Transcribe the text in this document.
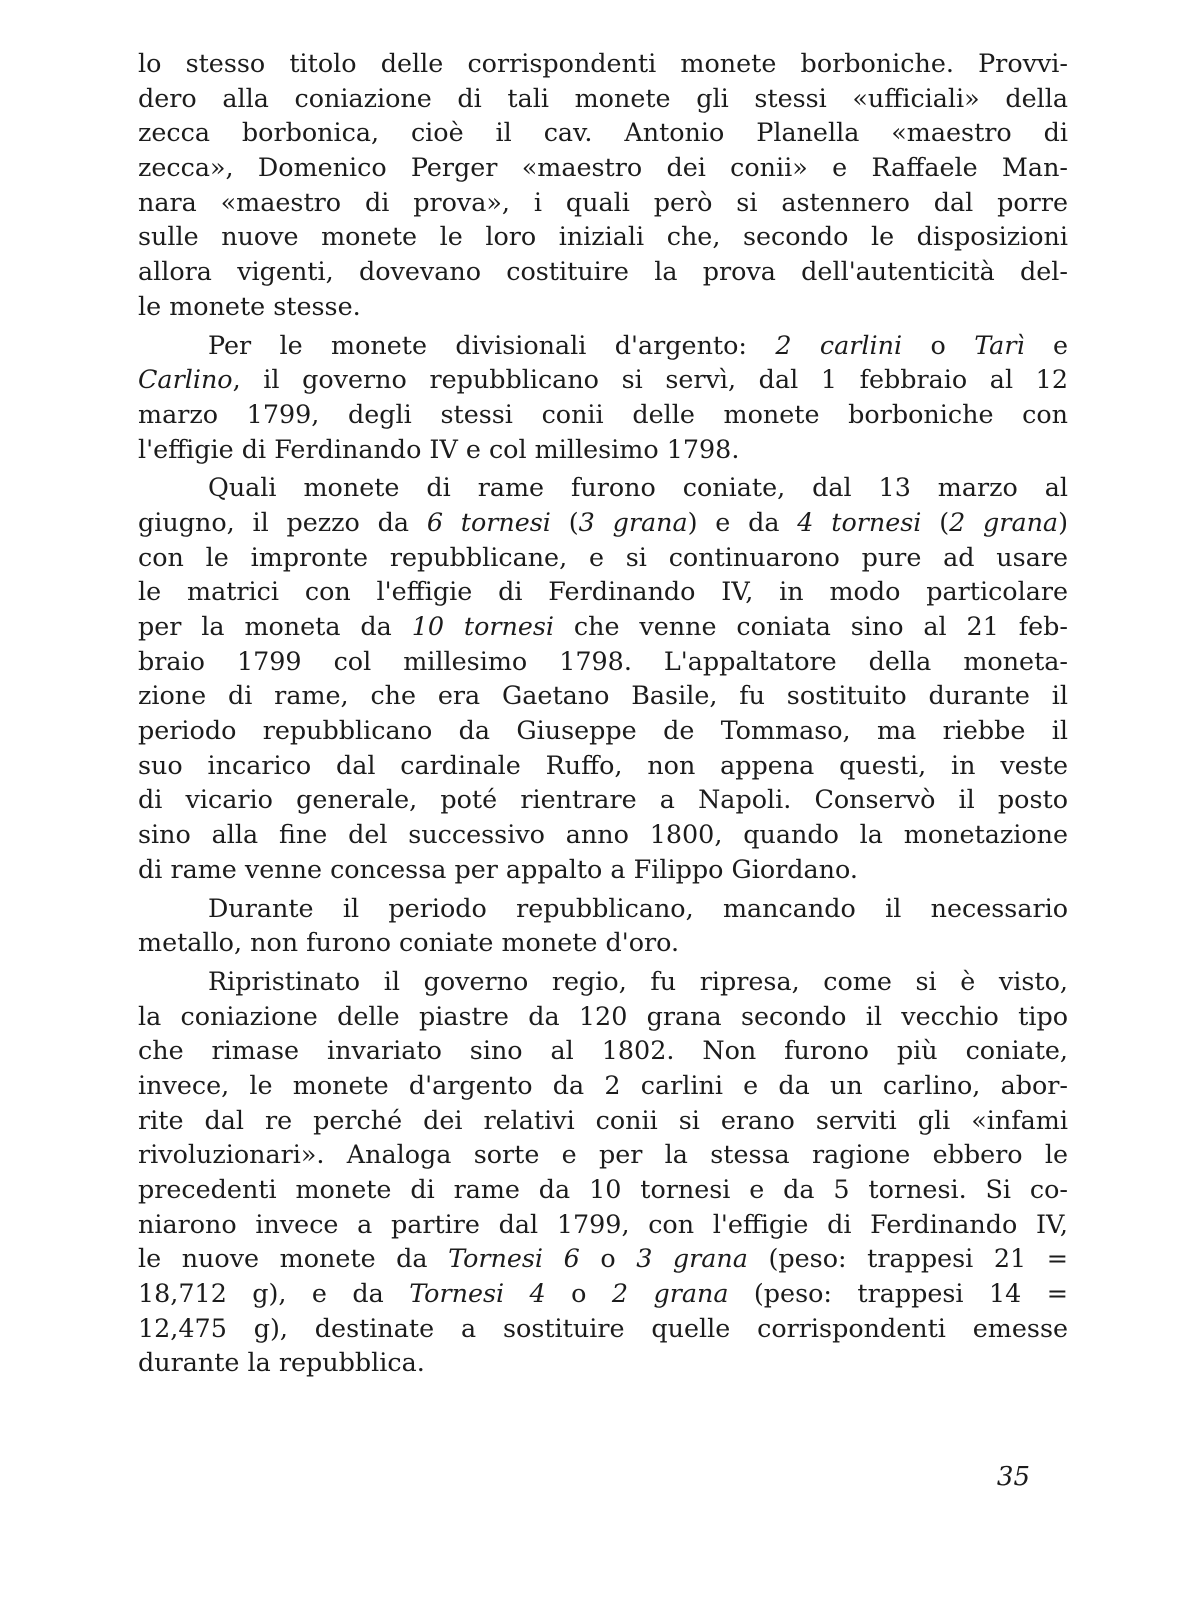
lo stesso titolo delle corrispondenti monete borboniche. Provvi-
dero alla coniazione di tali monete gli stessi «ufficiali» della
zecca borbonica, cioè il cav. Antonio Planella «maestro di
zecca», Domenico Perger «maestro dei conii» e Raffaele Man-
nara «maestro di prova», i quali però si astennero dal porre
sulle nuove monete le loro iniziali che, secondo le disposizioni
allora vigenti, dovevano costituire la prova dell'autenticità del-
le monete stesse.
Per le monete divisionali d'argento: 2 carlini o Tarì e
Carlino, il governo repubblicano si servì, dal 1 febbraio al 12
marzo 1799, degli stessi conii delle monete borboniche con
l'effigie di Ferdinando IV e col millesimo 1798.
Quali monete di rame furono coniate, dal 13 marzo al
giugno, il pezzo da 6 tornesi (3 grana) e da 4 tornesi (2 grana)
con le impronte repubblicane, e si continuarono pure ad usare
le matrici con l'effigie di Ferdinando IV, in modo particolare
per la moneta da 10 tornesi che venne coniata sino al 21 feb-
braio 1799 col millesimo 1798. L'appaltatore della moneta-
zione di rame, che era Gaetano Basile, fu sostituito durante il
periodo repubblicano da Giuseppe de Tommaso, ma riebbe il
suo incarico dal cardinale Ruffo, non appena questi, in veste
di vicario generale, poté rientrare a Napoli. Conservò il posto
sino alla fine del successivo anno 1800, quando la monetazione
di rame venne concessa per appalto a Filippo Giordano.
Durante il periodo repubblicano, mancando il necessario
metallo, non furono coniate monete d'oro.
Ripristinato il governo regio, fu ripresa, come si è visto,
la coniazione delle piastre da 120 grana secondo il vecchio tipo
che rimase invariato sino al 1802. Non furono più coniate,
invece, le monete d'argento da 2 carlini e da un carlino, abor-
rite dal re perché dei relativi conii si erano serviti gli «infami
rivoluzionari». Analoga sorte e per la stessa ragione ebbero le
precedenti monete di rame da 10 tornesi e da 5 tornesi. Si co-
niarono invece a partire dal 1799, con l'effigie di Ferdinando IV,
le nuove monete da Tornesi 6 o 3 grana (peso: trappesi 21 =
18,712 g), e da Tornesi 4 o 2 grana (peso: trappesi 14 =
12,475 g), destinate a sostituire quelle corrispondenti emesse
durante la repubblica.
35
